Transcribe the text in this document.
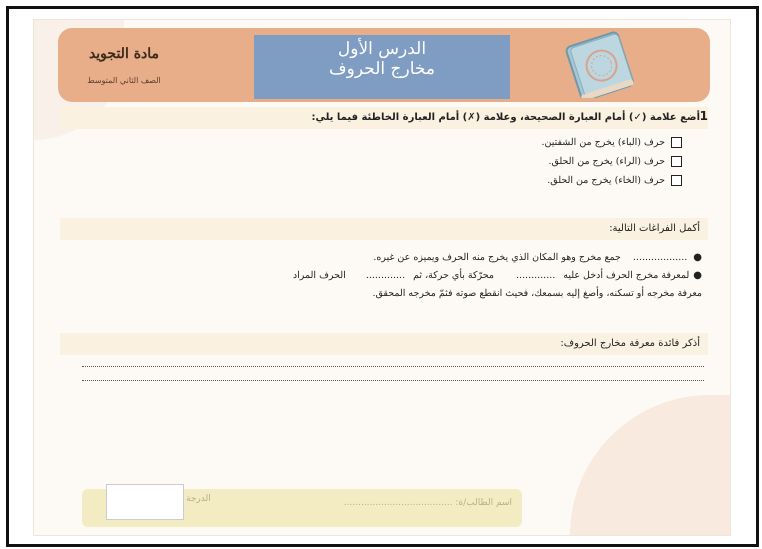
مادة التجويد
الصف الثاني المتوسط
الدرس الأول
مخارج الحروف
1
أضع علامة (✓) أمام العبارة الصحيحة، وعلامة (✗) أمام العبارة الخاطئة فيما يلي:
حرف (الباء) يخرج من الشفتين.
حرف (الراء) يخرج من الحلق.
حرف (الخاء) يخرج من الحلق.
أكمل الفراغات التالية:
●
..................
جمع مخرج وهو المكان الذي يخرج منه الحرف ويميزه عن غيره.
●
لمعرفة مخرج الحرف أدخل عليه
.............
محرّكة بأي حركة، ثم
.............
الحرف المراد
معرفة مخرجه أو تسكنه، وأصغ إليه بسمعك، فحيث انقطع صوته فثمّ مخرجه المحقق.
أذكر فائدة معرفة مخارج الحروف:
الدرجة	اسم الطالب/ة: ......................................
